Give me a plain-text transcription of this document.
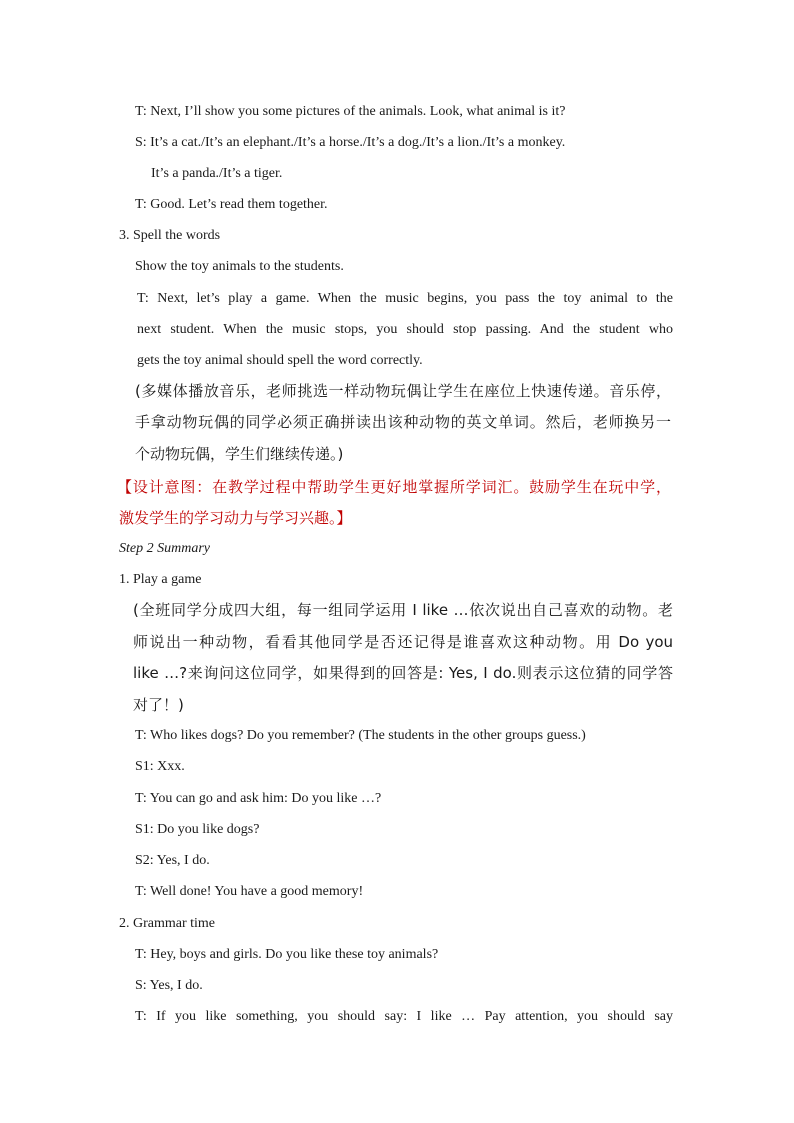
T: Next, I’ll show you some pictures of the animals. Look, what animal is it?
S: It’s a cat./It’s an elephant./It’s a horse./It’s a dog./It’s a lion./It’s a monkey.
It’s a panda./It’s a tiger.
T: Good. Let’s read them together.
3. Spell the words
Show the toy animals to the students.
T: Next, let’s play a game. When the music begins, you pass the toy animal to the
next student. When the music stops, you should stop passing. And the student who
gets the toy animal should spell the word correctly.
(多媒体播放音乐，老师挑选一样动物玩偶让学生在座位上快速传递。音乐停，
手拿动物玩偶的同学必须正确拼读出该种动物的英文单词。然后，老师换另一
个动物玩偶，学生们继续传递。)
【设计意图：在教学过程中帮助学生更好地掌握所学词汇。鼓励学生在玩中学，
激发学生的学习动力与学习兴趣。】
Step 2 Summary
1. Play a game
(全班同学分成四大组，每一组同学运用 I like …依次说出自己喜欢的动物。老
师说出一种动物，看看其他同学是否还记得是谁喜欢这种动物。用 Do you
like …?来询问这位同学，如果得到的回答是: Yes, I do.则表示这位猜的同学答
对了！)
T: Who likes dogs? Do you remember? (The students in the other groups guess.)
S1: Xxx.
T: You can go and ask him: Do you like …?
S1: Do you like dogs?
S2: Yes, I do.
T: Well done! You have a good memory!
2. Grammar time
T: Hey, boys and girls. Do you like these toy animals?
S: Yes, I do.
T: If you like something, you should say: I like … Pay attention, you should say
